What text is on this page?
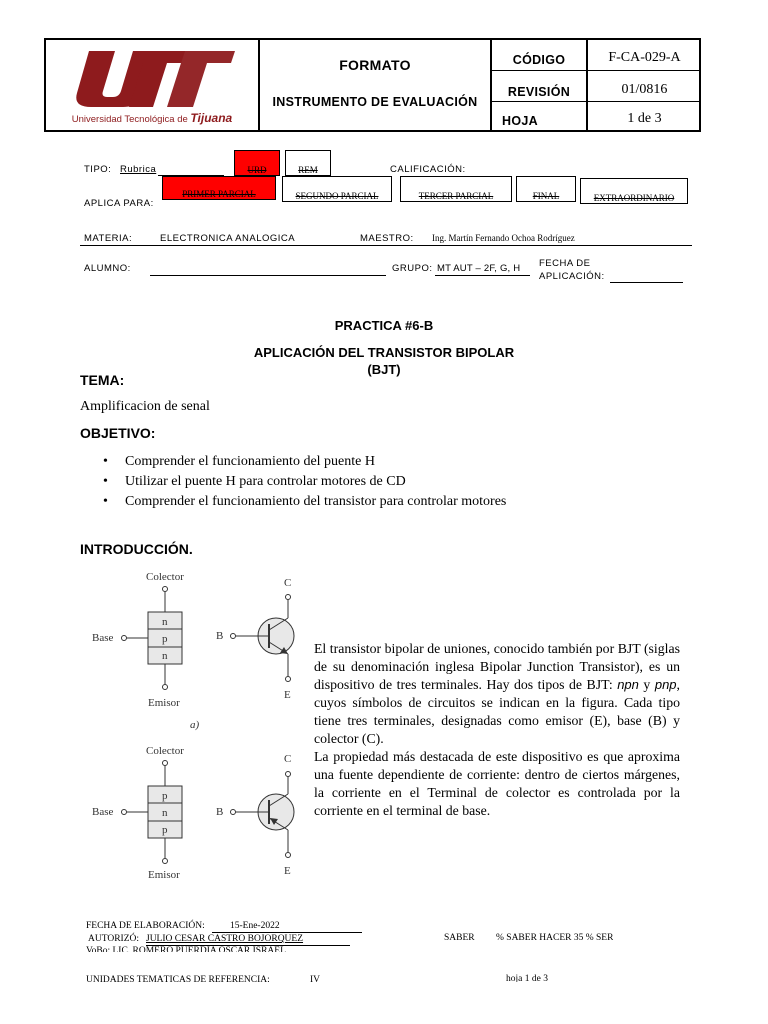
Universidad Tecnológica de Tijuana
FORMATO
INSTRUMENTO DE EVALUACIÓN
CÓDIGO	F-CA-029-A
REVISIÓN	01/0816
HOJA	1 de 3
TIPO: Rubrica	URD	REM	CALIFICACIÓN:
APLICA PARA:
PRIMER PARCIAL	SEGUNDO PARCIAL	TERCER PARCIAL	FINAL	EXTRAORDINARIO
MATERIA:	ELECTRONICA ANALOGICA	MAESTRO: Ing. Martín Fernando Ochoa Rodríguez
ALUMNO:	GRUPO: MT AUT – 2F, G, H FECHA DE
APLICACIÓN:
PRACTICA #6-B
APLICACIÓN DEL TRANSISTOR BIPOLAR
(BJT)
TEMA:
Amplificacion de senal
OBJETIVO:
• Comprender el funcionamiento del puente H
• Utilizar el puente H para controlar motores de CD
• Comprender el funcionamiento del transistor para controlar motores
INTRODUCCIÓN.
Colector
n
p
n
Base
Emisor
a)
C
E
B
Colector
p
n
p
Base
Emisor
C
E
B
El transistor bipolar de uniones, conocido también por BJT (siglas de su denominación inglesa Bipolar Junction Transistor), es un dispositivo de tres terminales. Hay dos tipos de BJT: npn y pnp, cuyos símbolos de circuitos se indican en la figura. Cada tipo tiene tres terminales, designadas como emisor (E), base (B) y colector (C).
La propiedad más destacada de este dispositivo es que aproxima una fuente dependiente de corriente: dentro de ciertos márgenes, la corriente en el Terminal de colector es controlada por la corriente en el terminal de base.
FECHA DE ELABORACIÓN:	15-Ene-2022
AUTORIZÓ: JULIO CESAR CASTRO BOJORQUEZ	SABER % SABER HACER 35 % SER
VoBo: LIC. ROMERO PUERDIA OSCAR ISRAEL
UNIDADES TEMÁTICAS DE REFERENCIA:	IV	hoja 1 de 3
